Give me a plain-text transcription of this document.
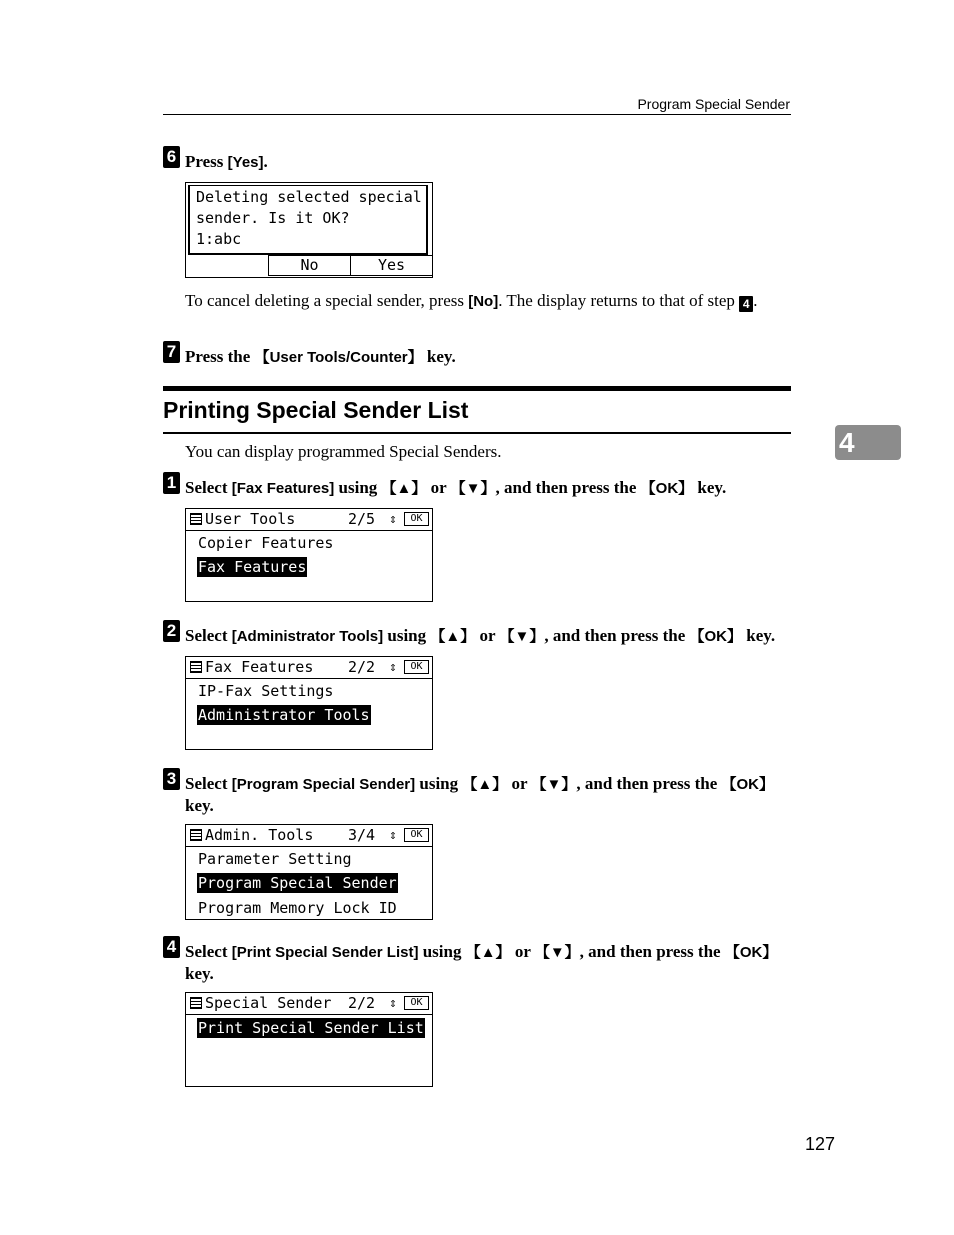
Program Special Sender
6 Press [Yes].
Deleting selected special
sender. Is it OK?
1:abc
No	Yes
To cancel deleting a special sender, press [No]. The display returns to that of step 4 .
7 Press the 【User Tools/Counter】 key.
Printing Special Sender List
You can display programmed Special Senders.	4
1 Select [Fax Features] using 【▲】 or 【▼】, and then press the 【OK】 key.
User Tools	2/5 ⇕	OK
Copier Features
Fax Features
2 Select [Administrator Tools] using 【▲】 or 【▼】, and then press the 【OK】 key.
Fax Features 2/2 ⇕	OK
IP-Fax Settings
Administrator Tools
3 Select [Program Special Sender] using 【▲】 or 【▼】, and then press the 【OK】 key.
Admin. Tools 3/4 ⇕	OK
Parameter Setting
Program Special Sender
Program Memory Lock ID
4 Select [Print Special Sender List] using 【▲】 or 【▼】, and then press the 【OK】 key.
Special Sender 2/2 ⇕	OK
Print Special Sender List
127
